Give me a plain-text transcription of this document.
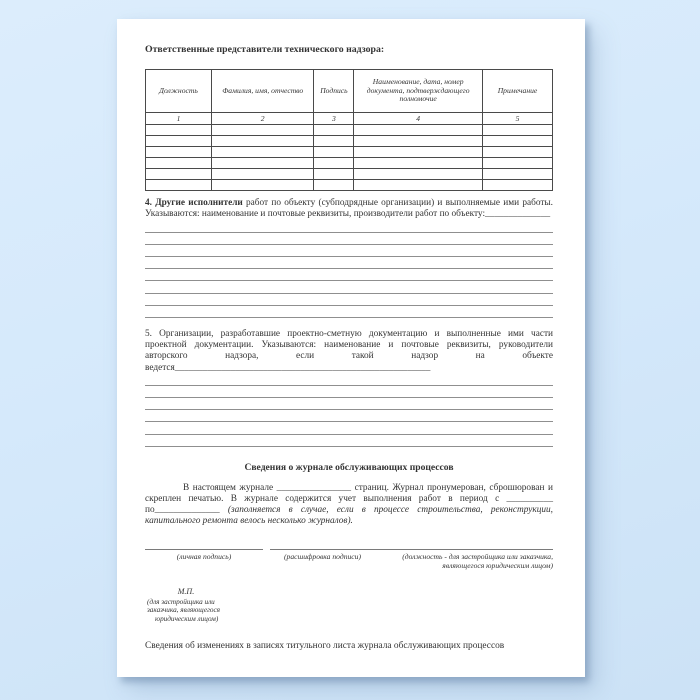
Ответственные представители технического надзора:
Должность	Фамилия, имя, отчество	Подпись	Наименование, дата, номер документа, подтверждающего полномочие	Примечание
1	2	3	4	5

4. Другие исполнители работ по объекту (субподрядные организации) и выполняемые ими работы. Указываются: наименование и почтовые реквизиты, производители работ по объекту:______________
5. Организации, разработавшие проектно-сметную документацию и выполненные ими части проектной документации. Указываются: наименование и почтовые реквизиты, руководители авторского надзора, если такой надзор на объекте ведется_______________________________________________________
Сведения о журнале обслуживающих процессов
В настоящем журнале ________________ страниц. Журнал пронумерован, сброшюрован и скреплен печатью. В журнале содержится учет выполнения работ в период с __________ по______________ (заполняется в случае, если в процессе строительства, реконструкции, капитального ремонта велось несколько журналов).
(личная подпись)	(расшифровка подписи)	(должность - для застройщика или заказчика,
являющегося юридическим лицом)
М.П.
(для застройщика или
заказчика, являющегося
юридическим лицом)
Сведения об изменениях в записях титульного листа журнала обслуживающих процессов
